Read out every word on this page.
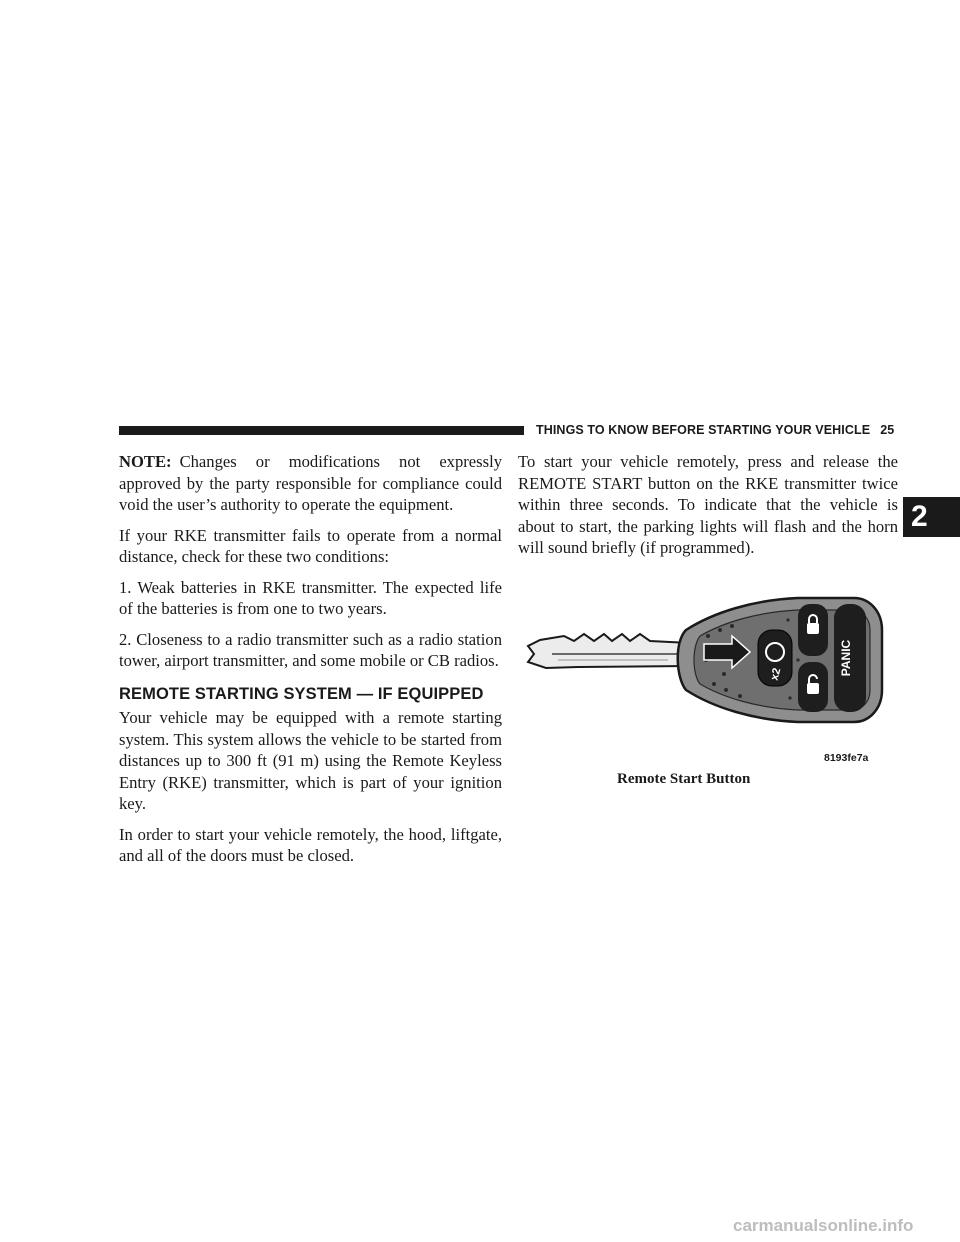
THINGS TO KNOW BEFORE STARTING YOUR VEHICLE 25
2

NOTE: Changes or modifications not expressly approved by the party responsible for compliance could void the user’s authority to operate the equipment.

If your RKE transmitter fails to operate from a normal distance, check for these two conditions:

1. Weak batteries in RKE transmitter. The expected life of the batteries is from one to two years.

2. Closeness to a radio transmitter such as a radio station tower, airport transmitter, and some mobile or CB radios.

REMOTE STARTING SYSTEM — IF EQUIPPED

Your vehicle may be equipped with a remote starting system. This system allows the vehicle to be started from distances up to 300 ft (91 m) using the Remote Keyless Entry (RKE) transmitter, which is part of your ignition key.

In order to start your vehicle remotely, the hood, liftgate, and all of the doors must be closed.

To start your vehicle remotely, press and release the REMOTE START button on the RKE transmitter twice within three seconds. To indicate that the vehicle is about to start, the parking lights will flash and the horn will sound briefly (if programmed).

x2	PANIC
8193fe7a
Remote Start Button
carmanualsonline.info
